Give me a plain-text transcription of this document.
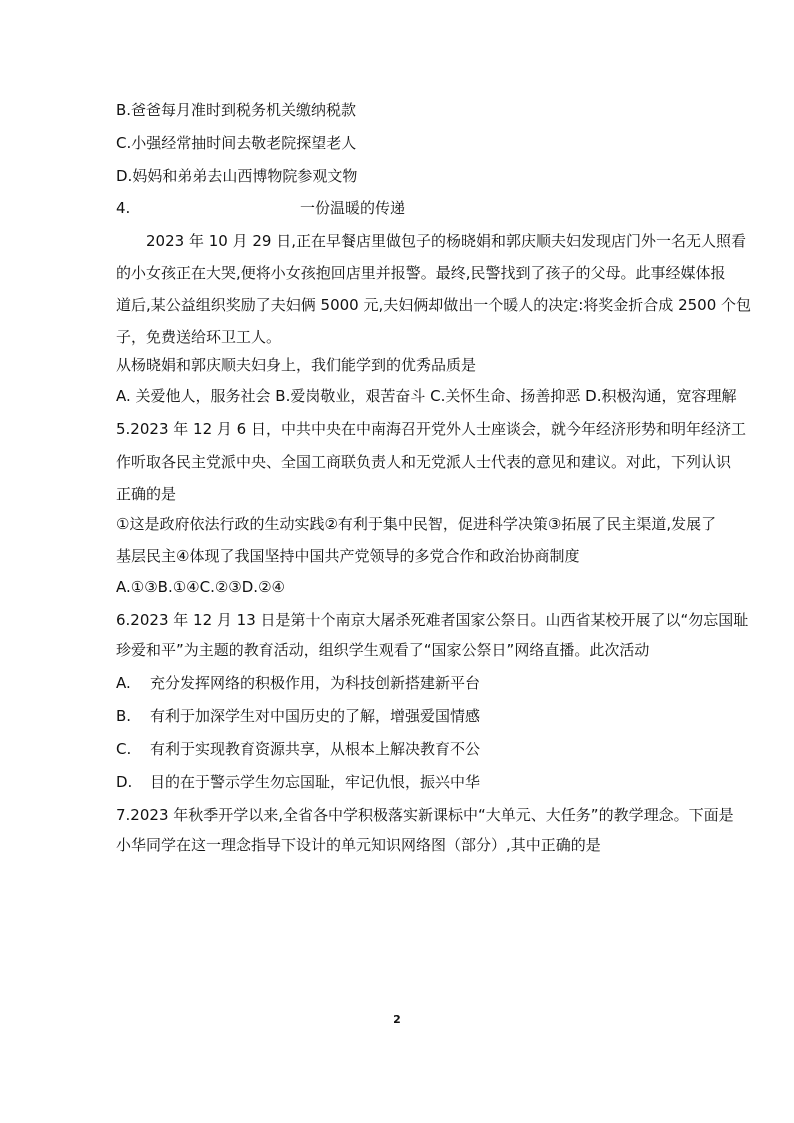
B.爸爸每月准时到税务机关缴纳税款
C.小强经常抽时间去敬老院探望老人
D.妈妈和弟弟去山西博物院参观文物
4.	一份温暖的传递
2023 年 10 月 29 日,正在早餐店里做包子的杨晓娟和郭庆顺夫妇发现店门外一名无人照看
的小女孩正在大哭,便将小女孩抱回店里并报警。最终,民警找到了孩子的父母。此事经媒体报
道后,某公益组织奖励了夫妇俩 5000 元,夫妇俩却做出一个暖人的决定:将奖金折合成 2500 个包
子，免费送给环卫工人。
从杨晓娟和郭庆顺夫妇身上，我们能学到的优秀品质是
A. 关爱他人，服务社会 B.爱岗敬业，艰苦奋斗 C.关怀生命、扬善抑恶 D.积极沟通，宽容理解
5.2023 年 12 月 6 日，中共中央在中南海召开党外人士座谈会，就今年经济形势和明年经济工
作听取各民主党派中央、全国工商联负责人和无党派人士代表的意见和建议。对此，下列认识
正确的是
①这是政府依法行政的生动实践②有利于集中民智，促进科学决策③拓展了民主渠道,发展了
基层民主④体现了我国坚持中国共产党领导的多党合作和政治协商制度
A.①③B.①④C.②③D.②④
6.2023 年 12 月 13 日是第十个南京大屠杀死难者国家公祭日。山西省某校开展了以“勿忘国耻
珍爱和平”为主题的教育活动，组织学生观看了“国家公祭日”网络直播。此次活动
A. 充分发挥网络的积极作用，为科技创新搭建新平台
B. 有利于加深学生对中国历史的了解，增强爱国情感
C. 有利于实现教育资源共享，从根本上解决教育不公
D. 目的在于警示学生勿忘国耻，牢记仇恨，振兴中华
7.2023 年秋季开学以来,全省各中学积极落实新课标中“大单元、大任务”的教学理念。下面是
小华同学在这一理念指导下设计的单元知识网络图（部分）,其中正确的是
2
